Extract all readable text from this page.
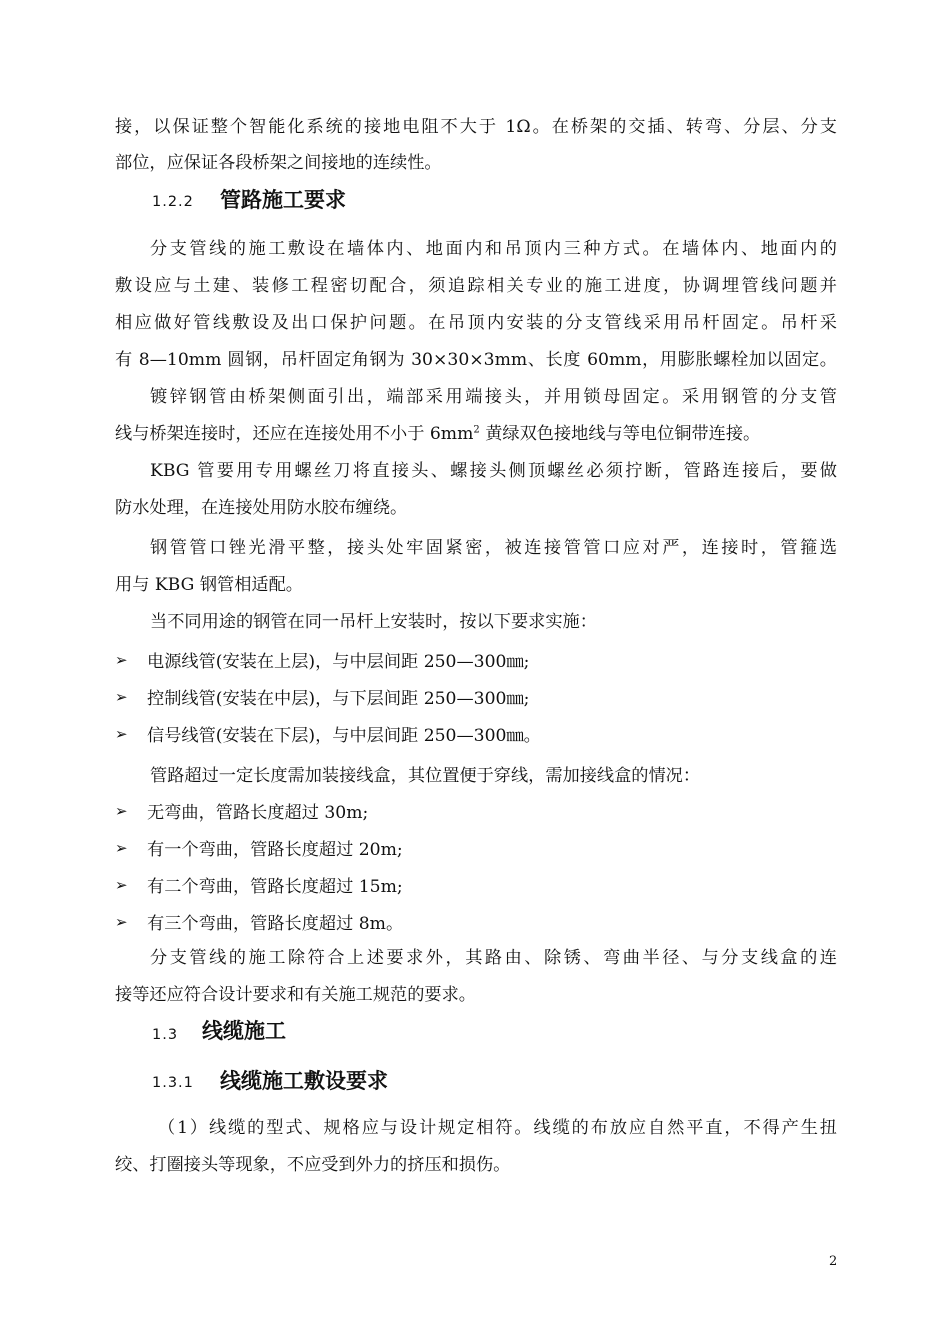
接，以保证整个智能化系统的接地电阻不大于 1Ω。在桥架的交插、转弯、分层、分支
部位，应保证各段桥架之间接地的连续性。
1.2.2 管路施工要求
分支管线的施工敷设在墙体内、地面内和吊顶内三种方式。在墙体内、地面内的
敷设应与土建、装修工程密切配合，须追踪相关专业的施工进度，协调埋管线问题并
相应做好管线敷设及出口保护问题。在吊顶内安装的分支管线采用吊杆固定。吊杆采
有 8—10mm 圆钢，吊杆固定角钢为 30×30×3mm、长度 60mm，用膨胀螺栓加以固定。
镀锌钢管由桥架侧面引出，端部采用端接头，并用锁母固定。采用钢管的分支管
线与桥架连接时，还应在连接处用不小于 $6mm^2$ 黄绿双色接地线与等电位铜带连接。
KBG 管要用专用螺丝刀将直接头、螺接头侧顶螺丝必须拧断，管路连接后，要做
防水处理，在连接处用防水胶布缠绕。
钢管管口锉光滑平整，接头处牢固紧密，被连接管管口应对严，连接时，管箍选
用与 KBG 钢管相适配。
当不同用途的钢管在同一吊杆上安装时，按以下要求实施：
➢ 电源线管(安装在上层)，与中层间距 250—300㎜;
➢ 控制线管(安装在中层)，与下层间距 250—300㎜;
➢ 信号线管(安装在下层)，与中层间距 250—300㎜。
管路超过一定长度需加装接线盒，其位置便于穿线，需加接线盒的情况：
➢ 无弯曲，管路长度超过 30m;
➢ 有一个弯曲，管路长度超过 20m;
➢ 有二个弯曲，管路长度超过 15m;
➢ 有三个弯曲，管路长度超过 8m。
分支管线的施工除符合上述要求外，其路由、除锈、弯曲半径、与分支线盒的连
接等还应符合设计要求和有关施工规范的要求。
1.3 线缆施工
1.3.1 线缆施工敷设要求
（1）线缆的型式、规格应与设计规定相符。线缆的布放应自然平直，不得产生扭
绞、打圈接头等现象，不应受到外力的挤压和损伤。
2
